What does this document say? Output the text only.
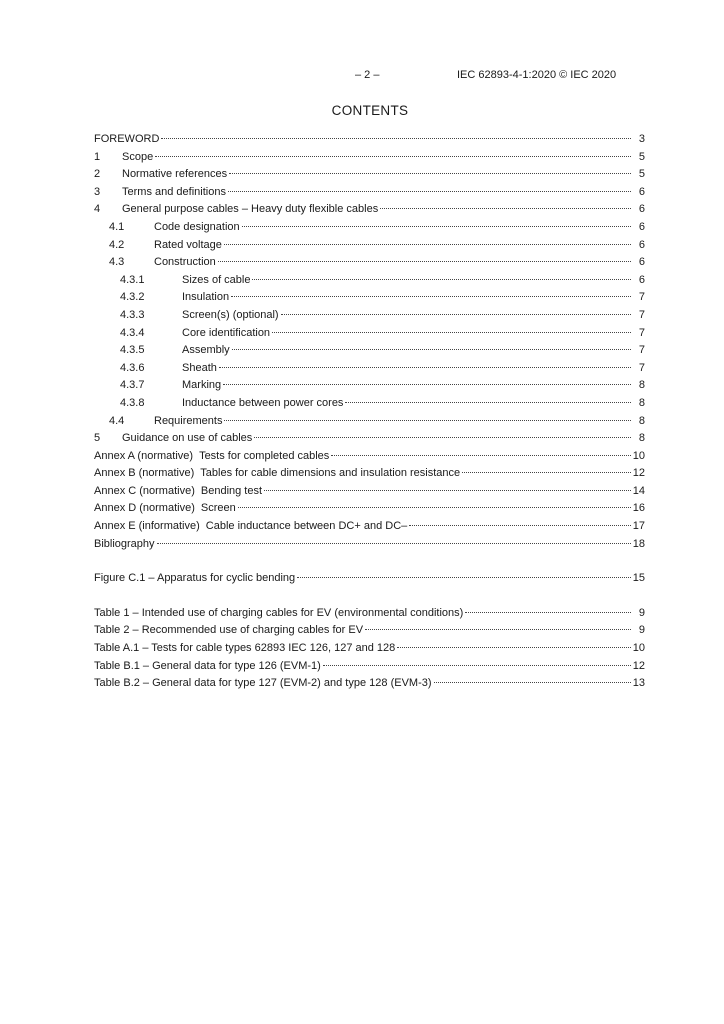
– 2 –	IEC 62893-4-1:2020 © IEC 2020
CONTENTS
FOREWORD	3
1	Scope	5
2	Normative references	5
3	Terms and definitions	6
4	General purpose cables – Heavy duty flexible cables	6
4.1	Code designation	6
4.2	Rated voltage	6
4.3	Construction	6
4.3.1	Sizes of cable	6
4.3.2	Insulation	7
4.3.3	Screen(s) (optional)	7
4.3.4	Core identification	7
4.3.5	Assembly	7
4.3.6	Sheath	7
4.3.7	Marking	8
4.3.8	Inductance between power cores	8
4.4	Requirements	8
5	Guidance on use of cables	8
Annex A (normative) Tests for completed cables	10
Annex B (normative) Tables for cable dimensions and insulation resistance	12
Annex C (normative) Bending test	14
Annex D (normative) Screen	16
Annex E (informative) Cable inductance between DC+ and DC–	17
Bibliography	18
Figure C.1 – Apparatus for cyclic bending	15
Table 1 – Intended use of charging cables for EV (environmental conditions)	9
Table 2 – Recommended use of charging cables for EV	9
Table A.1 – Tests for cable types 62893 IEC 126, 127 and 128	10
Table B.1 – General data for type 126 (EVM-1)	12
Table B.2 – General data for type 127 (EVM-2) and type 128 (EVM-3)	13
